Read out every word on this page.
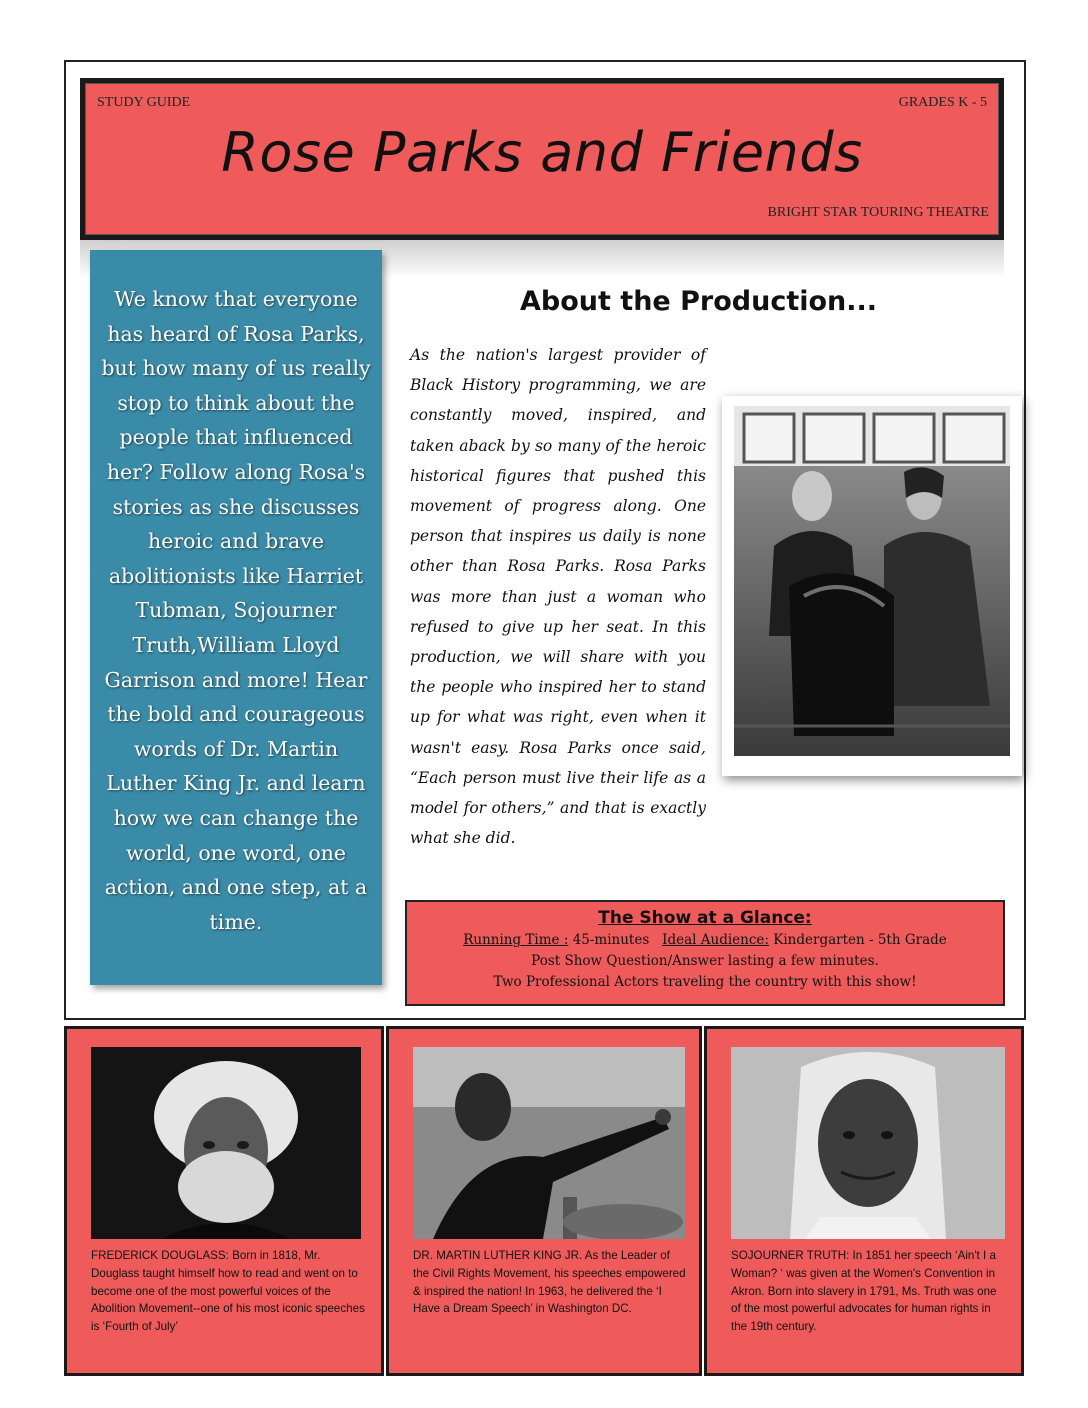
STUDY GUIDE	GRADES K - 5
Rose Parks and Friends
BRIGHT STAR TOURING THEATRE

We know that everyone has heard of Rosa Parks, but how many of us really stop to think about the people that influenced her? Follow along Rosa's stories as she discusses heroic and brave abolitionists like Harriet Tubman, Sojourner Truth,William Lloyd Garrison and more! Hear the bold and courageous words of Dr. Martin Luther King Jr. and learn how we can change the world, one word, one action, and one step, at a time.

About the Production...
As the nation's largest provider of Black History programming, we are constantly moved, inspired, and taken aback by so many of the heroic historical figures that pushed this movement of progress along. One person that inspires us daily is none other than Rosa Parks. Rosa Parks was more than just a woman who refused to give up her seat. In this production, we will share with you the people who inspired her to stand up for what was right, even when it wasn't easy. Rosa Parks once said, “Each person must live their life as a model for others,” and that is exactly what she did.
The Show at a Glance:
Running Time : 45-minutes Ideal Audience: Kindergarten - 5th Grade
Post Show Question/Answer lasting a few minutes.
Two Professional Actors traveling the country with this show!
FREDERICK DOUGLASS: Born in 1818, Mr. Douglass taught himself how to read and went on to become one of the most powerful voices of the Abolition Movement--one of his most iconic speeches is ‘Fourth of July’
DR. MARTIN LUTHER KING JR. As the Leader of the Civil Rights Movement, his speeches empowered & inspired the nation! In 1963, he delivered the ‘I Have a Dream Speech’ in Washington DC.
SOJOURNER TRUTH: In 1851 her speech ‘Ain't I a Woman? ‘ was given at the Women's Convention in Akron. Born into slavery in 1791, Ms. Truth was one of the most powerful advocates for human rights in the 19th century.
